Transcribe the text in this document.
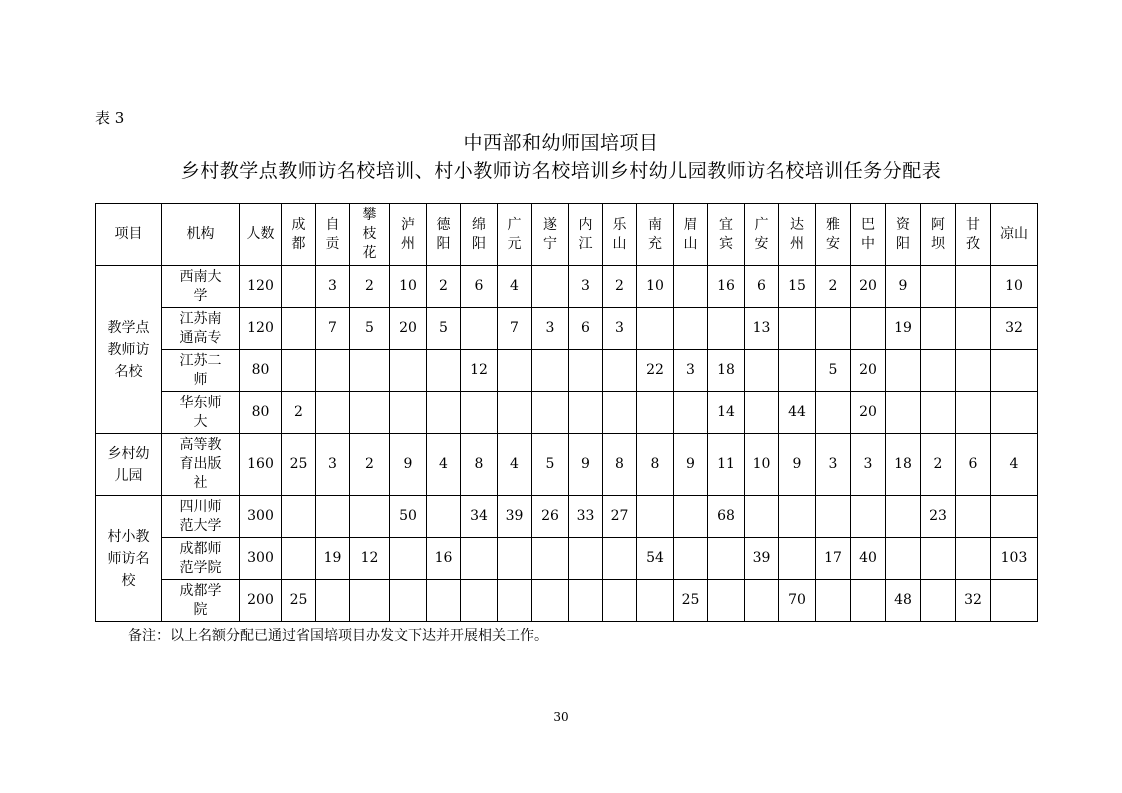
表 3
中西部和幼师国培项目
乡村教学点教师访名校培训、村小教师访名校培训乡村幼儿园教师访名校培训任务分配表
项目	机构	人数	成都	自贡	攀枝花	泸州	德阳	绵阳	广元	遂宁	内江	乐山	南充	眉山	宜宾	广安	达州	雅安	巴中	资阳	阿坝	甘孜	凉山
教学点教师访名校	西南大学	120		3	2	10	2	6	4		3	2	10		16	6	15	2	20	9			10
	江苏南通高专	120		7	5	20	5		7	3	6	3				13				19			32
	江苏二师	80						12					22	3	18			5	20				
	华东师大	80	2												14		44		20				
乡村幼儿园	高等教育出版社	160	25	3	2	9	4	8	4	5	9	8	8	9	11	10	9	3	3	18	2	6	4
村小教师访名校	四川师范大学	300				50		34	39	26	33	27			68						23		
	成都师范学院	300		19	12		16						54			39		17	40				103
	成都学院	200	25											25			70			48		32	
备注：以上名额分配已通过省国培项目办发文下达并开展相关工作。
30
